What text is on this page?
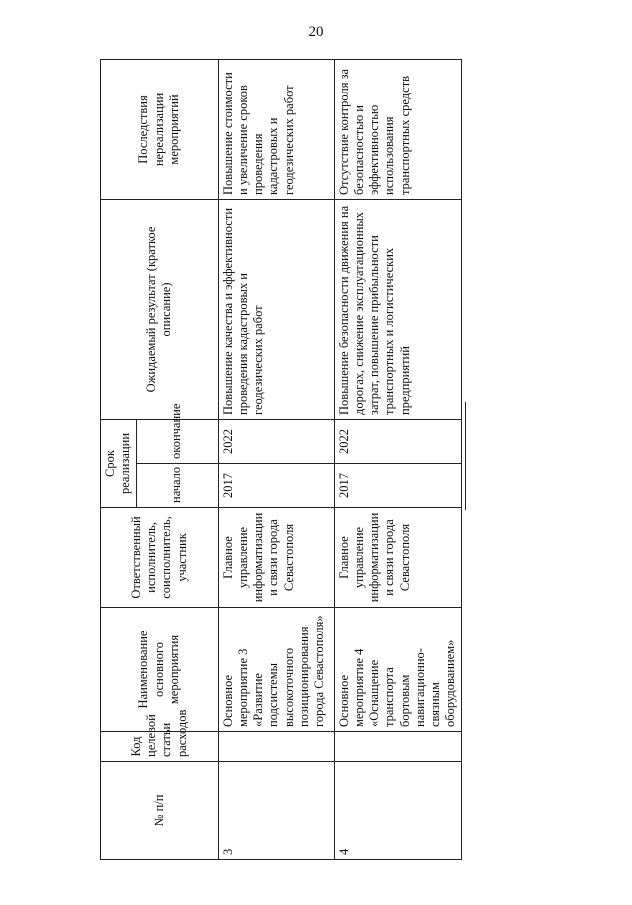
20
№ п/п	Код целевой статьи расходов	Наименование основного мероприятия	Ответственный исполнитель, соисполнитель, участник	Срок реализации		Ожидаемый результат (краткое описание)	Последствия нереализации мероприятий
				начало	окончание		
3		Основное мероприятие 3 «Развитие подсистемы высокоточного позиционирования города Севастополя»	Главное управление информатизации и связи города Севастополя	2017	2022	Повышение качества и эффективности проведения кадастровых и геодезических работ	Повышение стоимости и увеличение сроков проведения кадастровых и геодезических работ
4		Основное мероприятие 4 «Оснащение транспорта бортовым навигационно-связным оборудованием»	Главное управление информатизации и связи города Севастополя	2017	2022	Повышение безопасности движения на дорогах, снижение эксплуатационных затрат, повышение прибыльности транспортных и логистических предприятий	Отсутствие контроля за безопасностью и эффективностью использования транспортных средств
